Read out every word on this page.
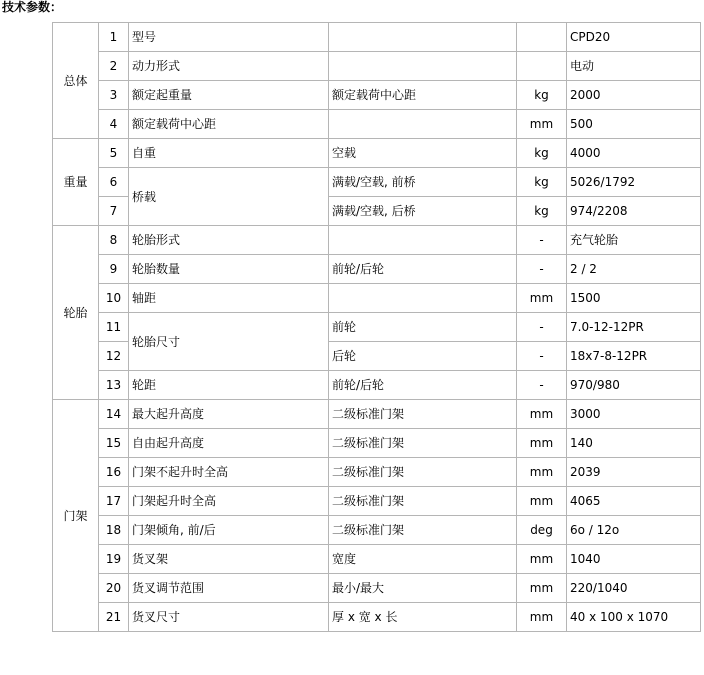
技术参数：
总体	1	型号			CPD20
	2	动力形式			电动
	3	额定起重量	额定载荷中心距	kg	2000
	4	额定载荷中心距		mm	500
重量	5	自重	空载	kg	4000
	6	桥载	满载/空载, 前桥	kg	5026/1792
	7		满载/空载, 后桥	kg	974/2208
轮胎	8	轮胎形式		-	充气轮胎
	9	轮胎数量	前轮/后轮	-	2 / 2
	10	轴距		mm	1500
	11	轮胎尺寸	前轮	-	7.0-12-12PR
	12		后轮	-	18x7-8-12PR
	13	轮距	前轮/后轮	-	970/980
门架	14	最大起升高度	二级标准门架	mm	3000
	15	自由起升高度	二级标准门架	mm	140
	16	门架不起升时全高	二级标准门架	mm	2039
	17	门架起升时全高	二级标准门架	mm	4065
	18	门架倾角, 前/后	二级标准门架	deg	6o / 12o
	19	货叉架	宽度	mm	1040
	20	货叉调节范围	最小/最大	mm	220/1040
	21	货叉尺寸	厚 x 宽 x 长	mm	40 x 100 x 1070
